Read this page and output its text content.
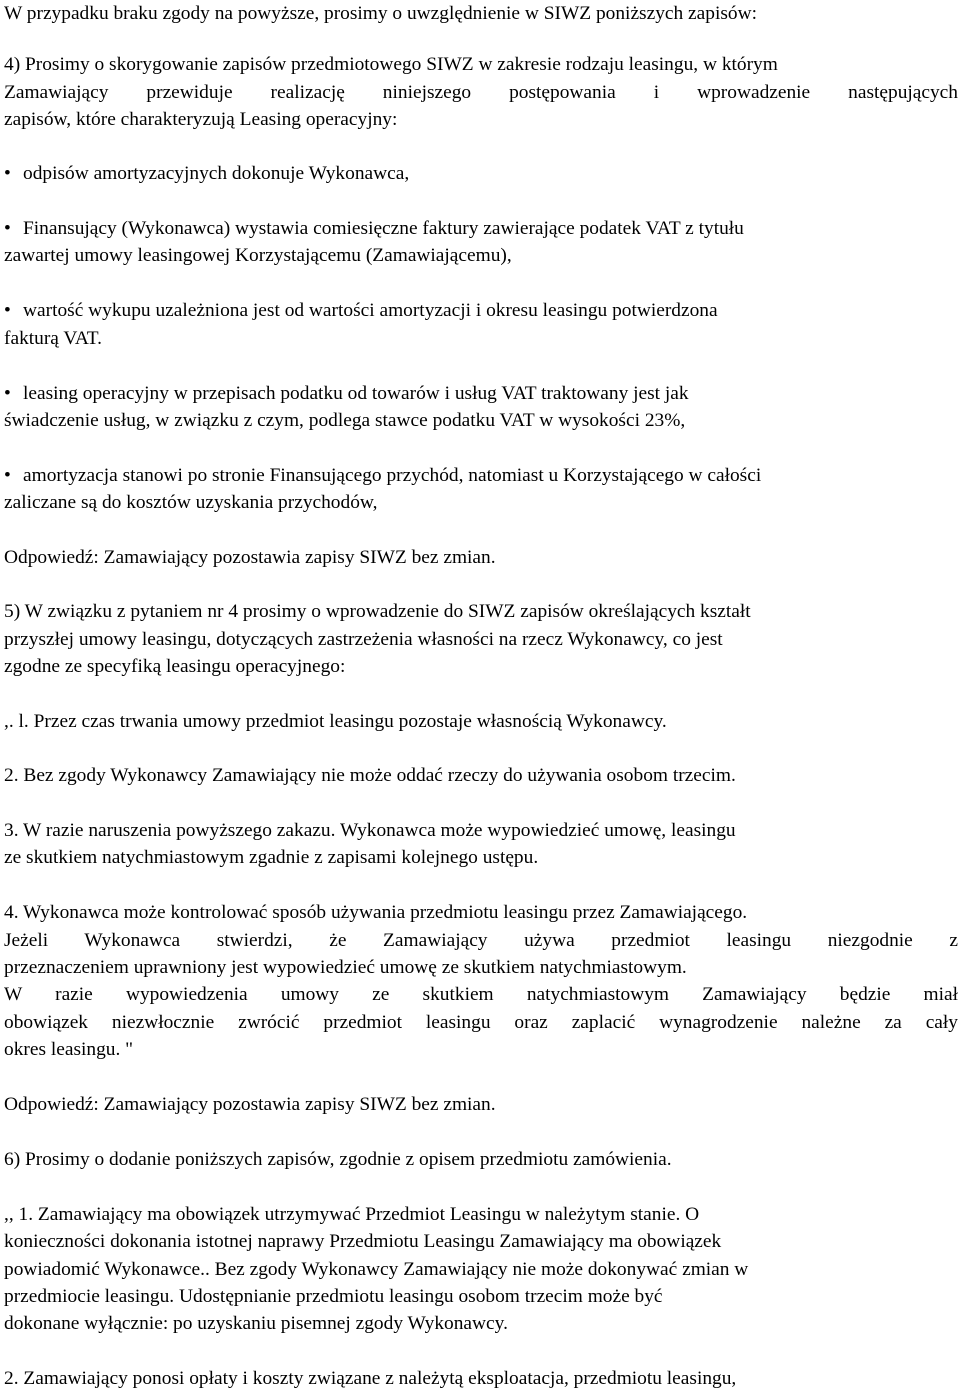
W przypadku braku zgody na powyższe, prosimy o uwzględnienie w SIWZ poniższych zapisów:
4) Prosimy o skorygowanie zapisów przedmiotowego SIWZ w zakresie rodzaju leasingu, w którym
Zamawiający przewiduje realizację niniejszego postępowania i wprowadzenie następujących
zapisów, które charakteryzują Leasing operacyjny:
• odpisów amortyzacyjnych dokonuje Wykonawca,
• Finansujący (Wykonawca) wystawia comiesięczne faktury zawierające podatek VAT z tytułu
zawartej umowy leasingowej Korzystającemu (Zamawiającemu),
• wartość wykupu uzależniona jest od wartości amortyzacji i okresu leasingu potwierdzona
fakturą VAT.
• leasing operacyjny w przepisach podatku od towarów i usług VAT traktowany jest jak
świadczenie usług, w związku z czym, podlega stawce podatku VAT w wysokości 23%,
• amortyzacja stanowi po stronie Finansującego przychód, natomiast u Korzystającego w całości
zaliczane są do kosztów uzyskania przychodów,
Odpowiedź: Zamawiający pozostawia zapisy SIWZ bez zmian.
5) W związku z pytaniem nr 4 prosimy o wprowadzenie do SIWZ zapisów określających kształt
przyszłej umowy leasingu, dotyczących zastrzeżenia własności na rzecz Wykonawcy, co jest
zgodne ze specyfiką leasingu operacyjnego:
,. l. Przez czas trwania umowy przedmiot leasingu pozostaje własnością Wykonawcy.
2. Bez zgody Wykonawcy Zamawiający nie może oddać rzeczy do używania osobom trzecim.
3. W razie naruszenia powyższego zakazu. Wykonawca może wypowiedzieć umowę, leasingu
ze skutkiem natychmiastowym zgadnie z zapisami kolejnego ustępu.
4. Wykonawca może kontrolować sposób używania przedmiotu leasingu przez Zamawiającego.
Jeżeli Wykonawca stwierdzi, że Zamawiający używa przedmiot leasingu niezgodnie z
przeznaczeniem uprawniony jest wypowiedzieć umowę ze skutkiem natychmiastowym.
W razie wypowiedzenia umowy ze skutkiem natychmiastowym Zamawiający będzie miał
obowiązek niezwłocznie zwrócić przedmiot leasingu oraz zaplacić wynagrodzenie należne za cały
okres leasingu. "
Odpowiedź: Zamawiający pozostawia zapisy SIWZ bez zmian.
6) Prosimy o dodanie poniższych zapisów, zgodnie z opisem przedmiotu zamówienia.
,, 1. Zamawiający ma obowiązek utrzymywać Przedmiot Leasingu w należytym stanie. O
konieczności dokonania istotnej naprawy Przedmiotu Leasingu Zamawiający ma obowiązek
powiadomić Wykonawce.. Bez zgody Wykonawcy Zamawiający nie może dokonywać zmian w
przedmiocie leasingu. Udostępnianie przedmiotu leasingu osobom trzecim może być
dokonane wyłącznie: po uzyskaniu pisemnej zgody Wykonawcy.
2. Zamawiający ponosi opłaty i koszty związane z należytą eksploatacja, przedmiotu leasingu,
